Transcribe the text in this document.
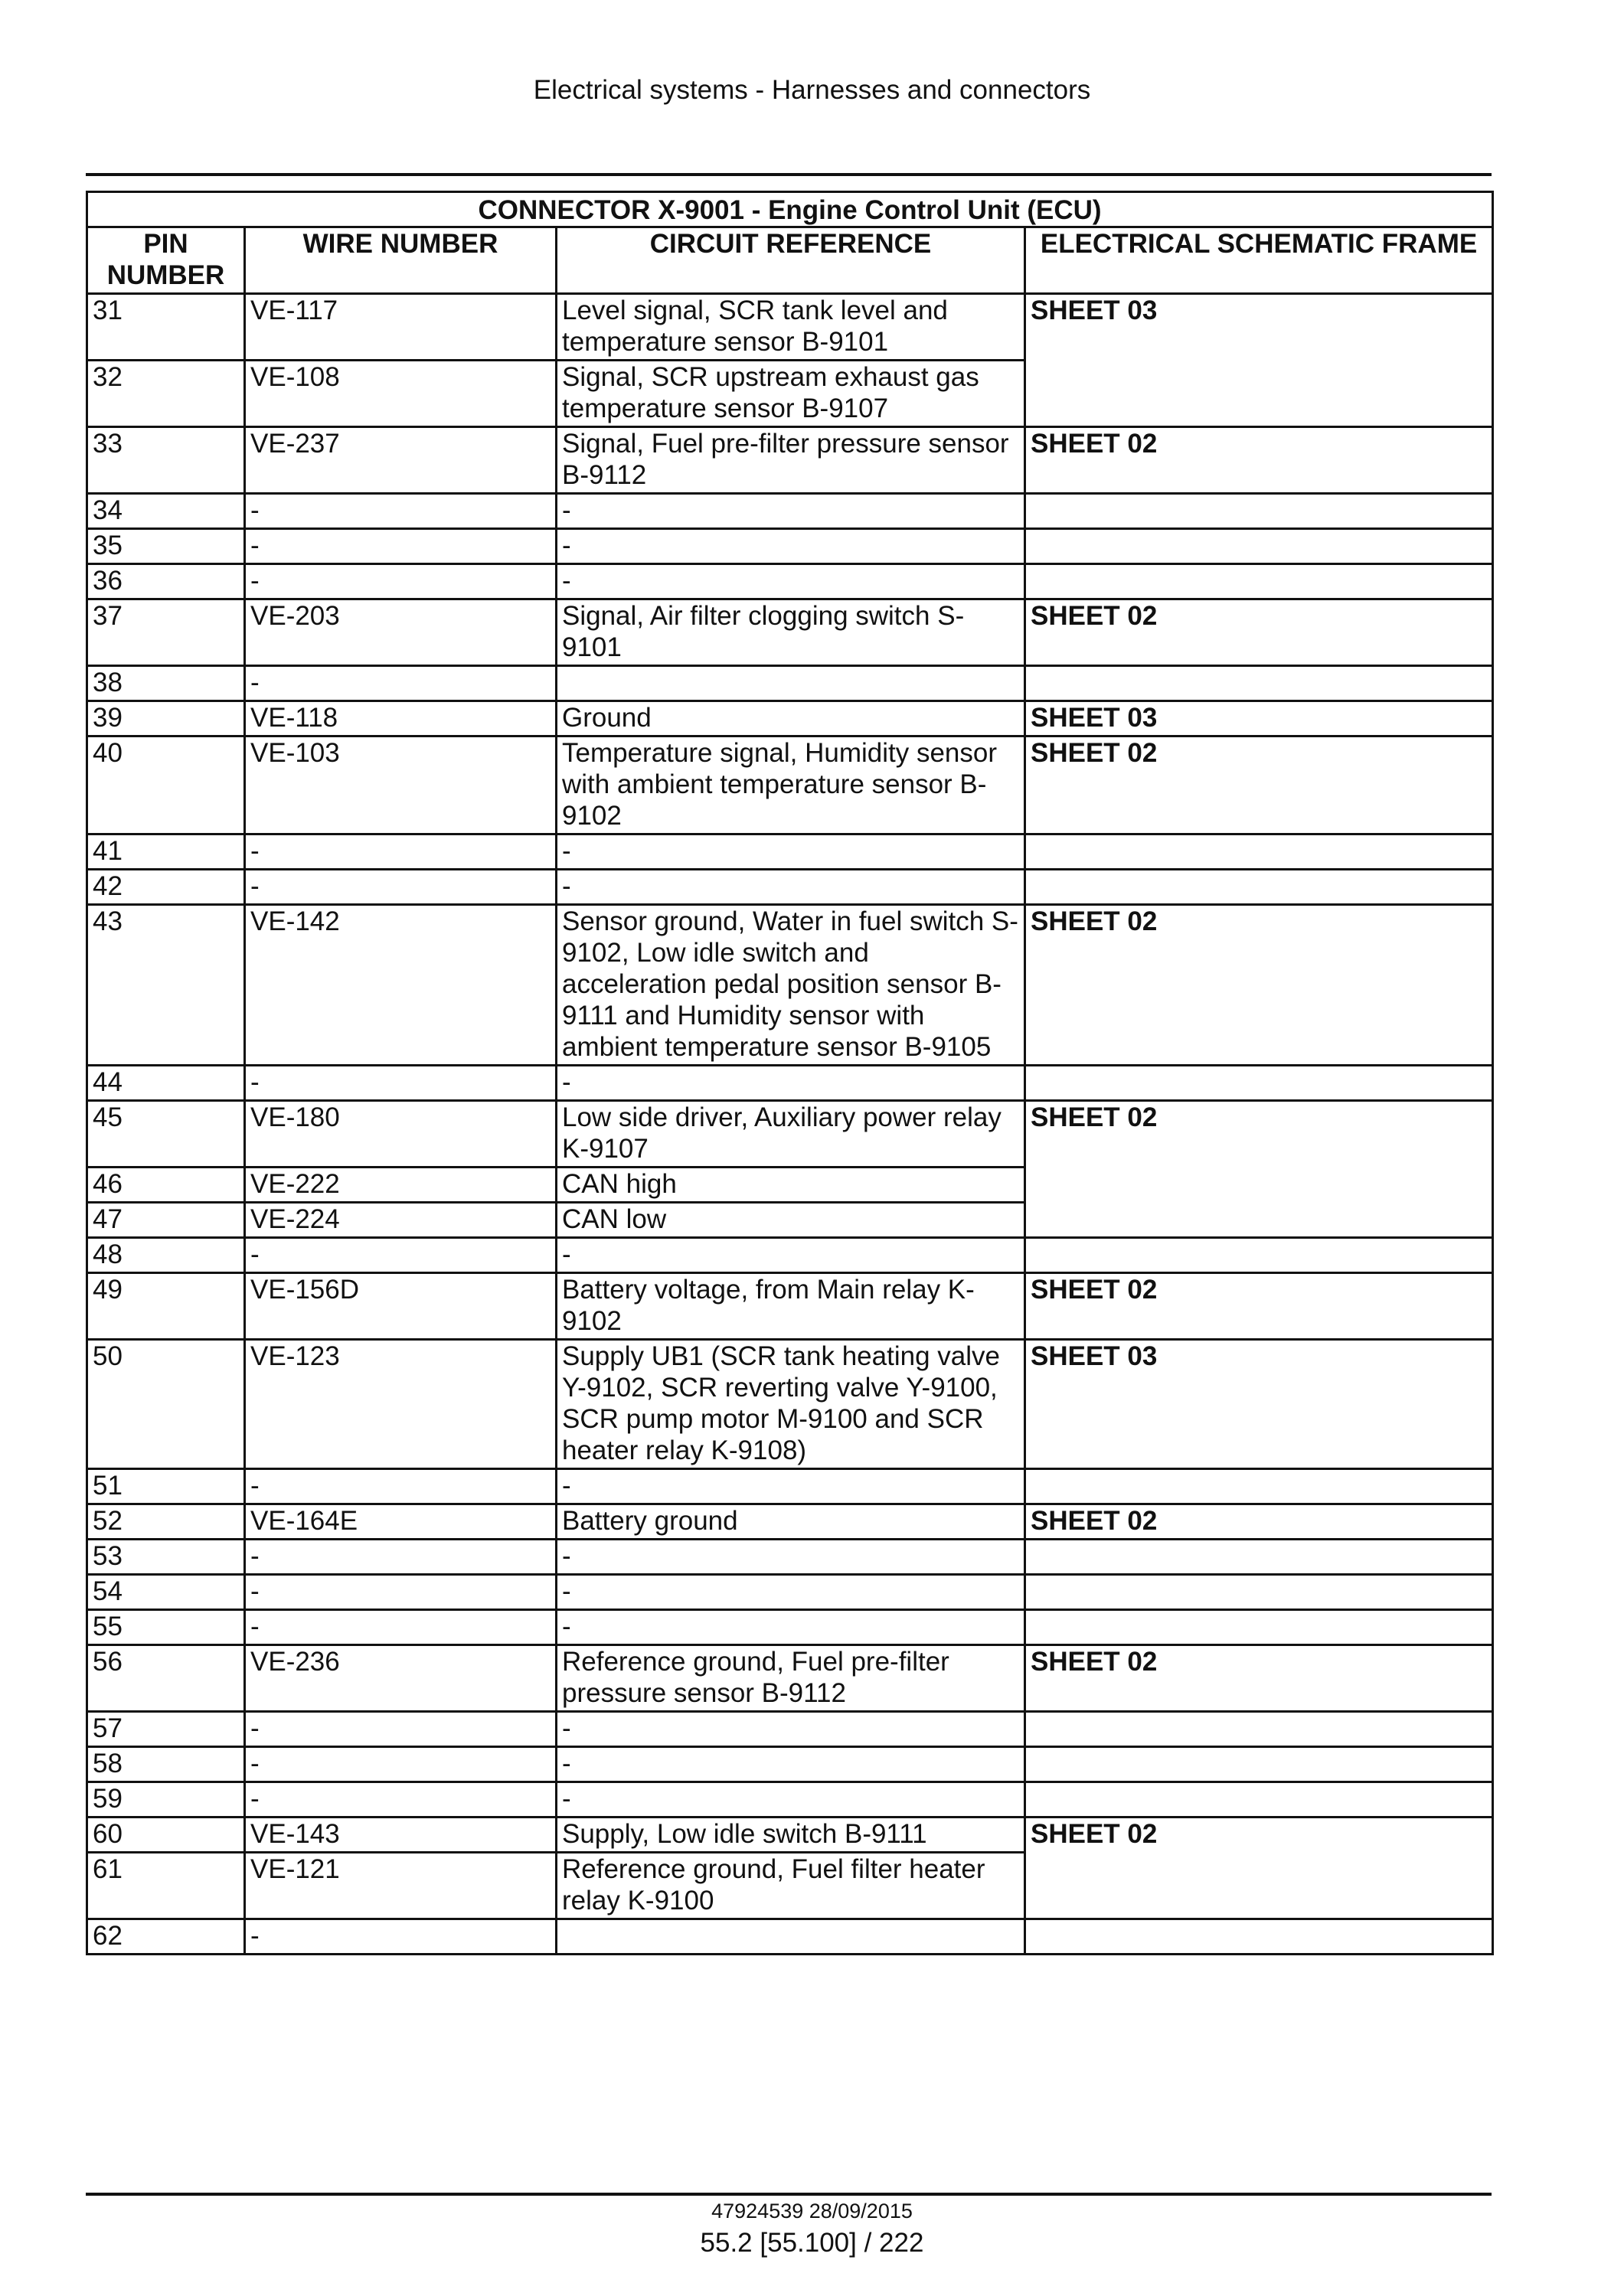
Electrical systems - Harnesses and connectors
CONNECTOR X-9001 - Engine Control Unit (ECU)			
PIN NUMBER	WIRE NUMBER	CIRCUIT REFERENCE	ELECTRICAL SCHEMATIC FRAME
31	VE-117	Level signal, SCR tank level and temperature sensor B-9101	SHEET 03
32	VE-108	Signal, SCR upstream exhaust gas temperature sensor B-9107	
33	VE-237	Signal, Fuel pre-filter pressure sensor B-9112	SHEET 02
34	-	-	
35	-	-	
36	-	-	
37	VE-203	Signal, Air filter clogging switch S-9101	SHEET 02
38	-		
39	VE-118	Ground	SHEET 03
40	VE-103	Temperature signal, Humidity sensor with ambient temperature sensor B-9102	SHEET 02
41	-	-	
42	-	-	
43	VE-142	Sensor ground, Water in fuel switch S-9102, Low idle switch and acceleration pedal position sensor B-9111 and Humidity sensor with ambient temperature sensor B-9105	SHEET 02
44	-	-	
45	VE-180	Low side driver, Auxiliary power relay K-9107	SHEET 02
46	VE-222	CAN high	
47	VE-224	CAN low	
48	-	-	
49	VE-156D	Battery voltage, from Main relay K-9102	SHEET 02
50	VE-123	Supply UB1 (SCR tank heating valve Y-9102, SCR reverting valve Y-9100, SCR pump motor M-9100 and SCR heater relay K-9108)	SHEET 03
51	-	-	
52	VE-164E	Battery ground	SHEET 02
53	-	-	
54	-	-	
55	-	-	
56	VE-236	Reference ground, Fuel pre-filter pressure sensor B-9112	SHEET 02
57	-	-	
58	-	-	
59	-	-	
60	VE-143	Supply, Low idle switch B-9111	SHEET 02
61	VE-121	Reference ground, Fuel filter heater relay K-9100	
62	-		
47924539 28/09/2015
55.2 [55.100] / 222
